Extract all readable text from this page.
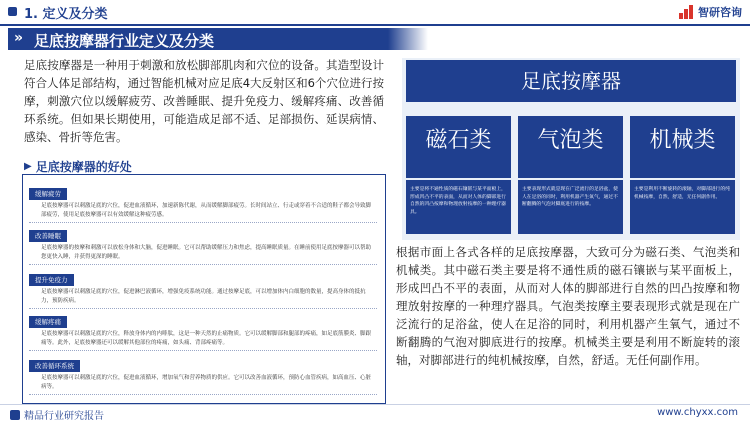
1. 定义及分类	智研咨询
» 足底按摩器行业定义及分类
足底按摩器是一种用于刺激和放松脚部肌肉和穴位的设备。其造型设计符合人体足部结构，通过智能机械对应足底4大反射区和6个穴位进行按摩，刺激穴位以缓解疲劳、改善睡眠、提升免疫力、缓解疼痛、改善循环系统。但如果长期使用，可能造成足部不适、足部损伤、延误病情、感染、骨折等危害。
▶ 足底按摩器的好处
缓解疲劳
足底按摩器可以刺激足底的穴位，促进血液循环，加速新陈代谢，从而缓解脚部疲劳。长时间站立、行走或穿着不合适的鞋子都会导致脚部疲劳，使用足底按摩器可以有效缓解这种疲劳感。
改善睡眠
足底按摩器的按摩和刺激可以放松身体和大脑，促进睡眠。它可以帮助缓解压力和焦虑，提高睡眠质量。在睡前使用足底按摩器可以帮助您更快入睡，并获得更深的睡眠。
提升免疫力
足底按摩器可以刺激足底的穴位，促进淋巴液循环，增强免疫系统功能。通过按摩足底，可以增加体内白细胞的数量，提高身体的抵抗力，预防疾病。
缓解疼痛
足底按摩器可以刺激足底的穴位，释放身体内的内啡肽，这是一种天然的止痛物质。它可以缓解脚部和腿部的疼痛，如足底筋膜炎、脚跟痛等。此外，足底按摩器还可以缓解其他部位的疼痛，如头痛、背部疼痛等。
改善循环系统
足底按摩器可以刺激足底的穴位，促进血液循环，增加氧气和营养物质的供应。它可以改善血液循环，预防心血管疾病，如高血压、心脏病等。
足底按摩器
磁石类	气泡类	机械类
主要是将不通性质的磁石镶嵌与某平面板上，形成凹凸不平的表面，从而对人体的脚部进行自然的凹凸按摩和物理放射按摩的一种理疗器具。
主要表现形式就是现在广泛流行的足浴盆，使人在足浴的同时，利用机器产生氧气，通过不断翻腾的气泡对脚底进行的按摩。
主要是利用不断旋转的滚轴，对脚部进行的纯机械按摩，自然，舒适，无任何副作用。
根据市面上各式各样的足底按摩器，大致可分为磁石类、气泡类和机械类。其中磁石类主要是将不通性质的磁石镶嵌与某平面板上，形成凹凸不平的表面，从而对人体的脚部进行自然的凹凸按摩和物理放射按摩的一种理疗器具。气泡类按摩主要表现形式就是现在广泛流行的足浴盆，使人在足浴的同时，利用机器产生氧气，通过不断翻腾的气泡对脚底进行的按摩。机械类主要是利用不断旋转的滚轴，对脚部进行的纯机械按摩，自然，舒适。无任何副作用。
精品行业研究报告	www.chyxx.com
